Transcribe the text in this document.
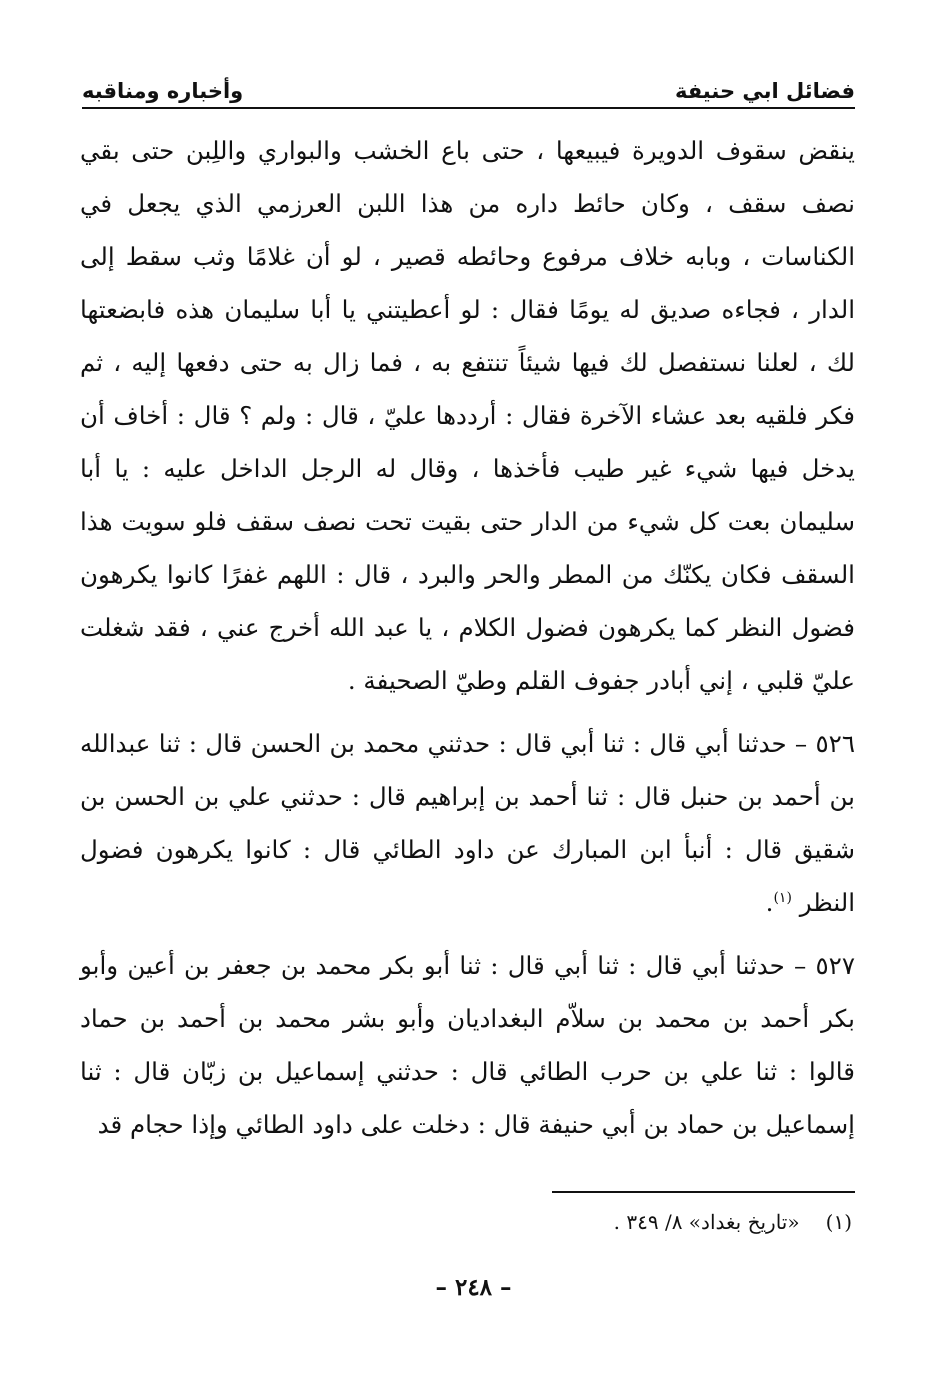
فضائل ابي حنيفة
وأخباره ومناقبه

ينقض سقوف الدويرة فيبيعها ، حتى باع الخشب والبواري واللِبن حتى بقي نصف سقف ، وكان حائط داره من هذا اللبن العرزمي الذي يجعل في الكناسات ، وبابه خلاف مرفوع وحائطه قصير ، لو أن غلامًا وثب سقط إلى الدار ، فجاءه صديق له يومًا فقال : لو أعطيتني يا أبا سليمان هذه فابضعتها لك ، لعلنا نستفصل لك فيها شيئاً تنتفع به ، فما زال به حتى دفعها إليه ، ثم فكر فلقيه بعد عشاء الآخرة فقال : أرددها عليّ ، قال : ولم ؟ قال : أخاف أن يدخل فيها شيء غير طيب فأخذها ، وقال له الرجل الداخل عليه : يا أبا سليمان بعت كل شيء من الدار حتى بقيت تحت نصف سقف فلو سويت هذا السقف فكان يكنّك من المطر والحر والبرد ، قال : اللهم غفرًا كانوا يكرهون فضول النظر كما يكرهون فضول الكلام ، يا عبد الله أخرج عني ، فقد شغلت عليّ قلبي ، إني أبادر جفوف القلم وطيّ الصحيفة .

٥٢٦ – حدثنا أبي قال : ثنا أبي قال : حدثني محمد بن الحسن قال : ثنا عبدالله بن أحمد بن حنبل قال : ثنا أحمد بن إبراهيم قال : حدثني علي بن الحسن بن شقيق قال : أنبأ ابن المبارك عن داود الطائي قال : كانوا يكرهون فضول النظر $^{(١)}$.

٥٢٧ – حدثنا أبي قال : ثنا أبي قال : ثنا أبو بكر محمد بن جعفر بن أعين وأبو بكر أحمد بن محمد بن سلاّم البغداديان وأبو بشر محمد بن أحمد بن حماد قالوا : ثنا علي بن حرب الطائي قال : حدثني إسماعيل بن زبّان قال : ثنا إسماعيل بن حماد بن أبي حنيفة قال : دخلت على داود الطائي وإذا حجام قد

(١)«تاريخ بغداد» ٨/ ٣٤٩ .
– ٢٤٨ –
